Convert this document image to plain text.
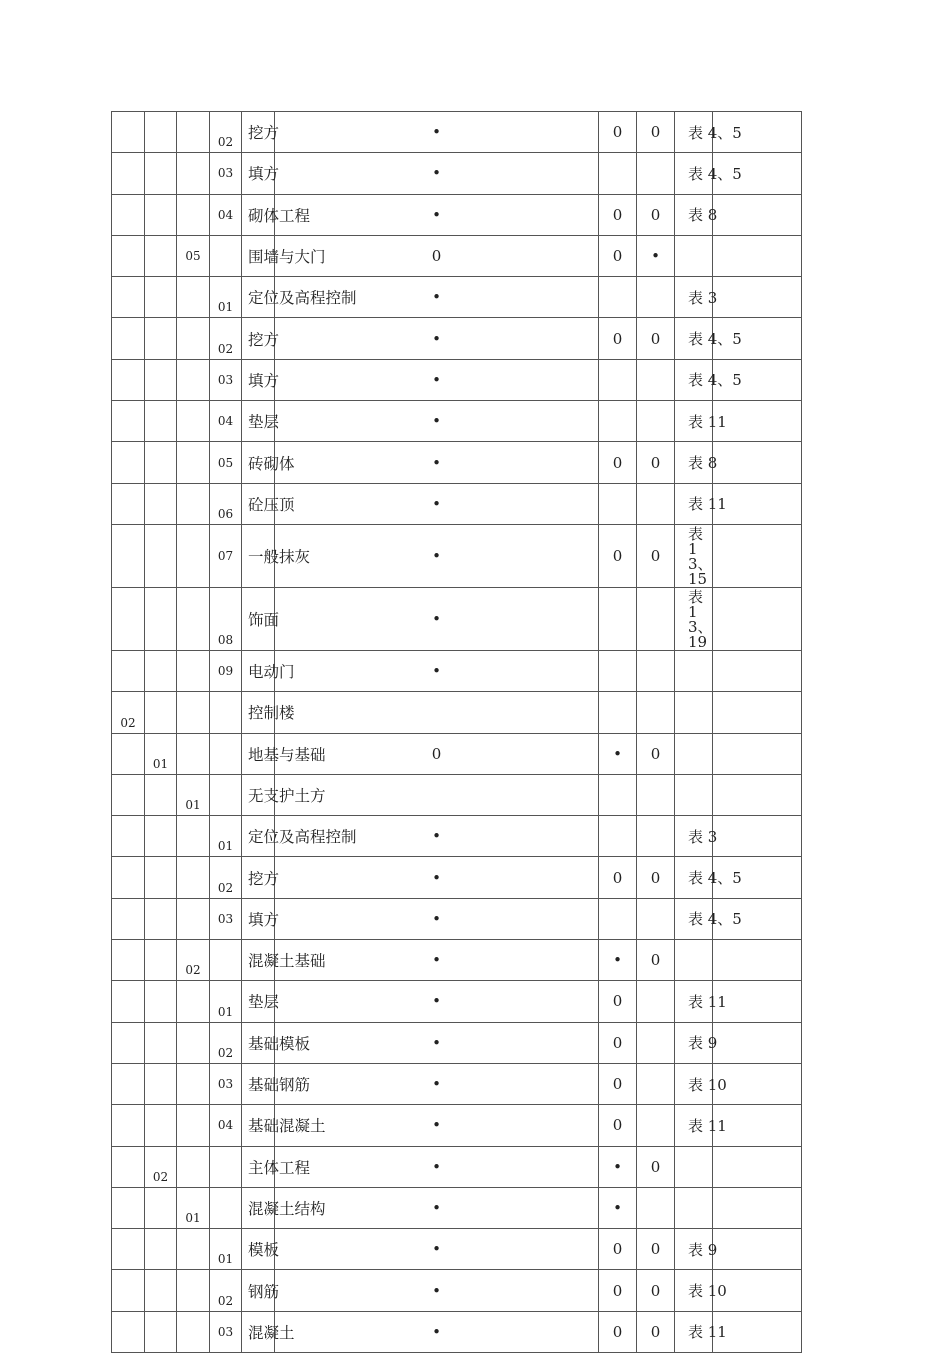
			02	挖方	•	0	0	表 4、5	
			03	填方	•			表 4、5	
			04	砌体工程	•	0	0	表 8	
		05		围墙与大门	0	0	•		
			01	定位及高程控制	•			表 3	
			02	挖方	•	0	0	表 4、5	
			03	填方	•			表 4、5	
			04	垫层	•			表 11	
			05	砖砌体	•	0	0	表 8	
			06	砼压顶	•			表 11	
			07	一般抹灰	•	0	0	表 13、15	
			08	饰面	•			表 13、19	
			09	电动门	•				
02				控制楼					
	01			地基与基础	0	•	0		
		01		无支护土方					
			01	定位及高程控制	•			表 3	
			02	挖方	•	0	0	表 4、5	
			03	填方	•			表 4、5	
		02		混凝土基础	•	•	0		
			01	垫层	•	0		表 11	
			02	基础模板	•	0		表 9	
			03	基础钢筋	•	0		表 10	
			04	基础混凝土	•	0		表 11	
	02			主体工程	•	•	0		
		01		混凝土结构	•	•			
			01	模板	•	0	0	表 9	
			02	钢筋	•	0	0	表 10	
			03	混凝土	•	0	0	表 11	
